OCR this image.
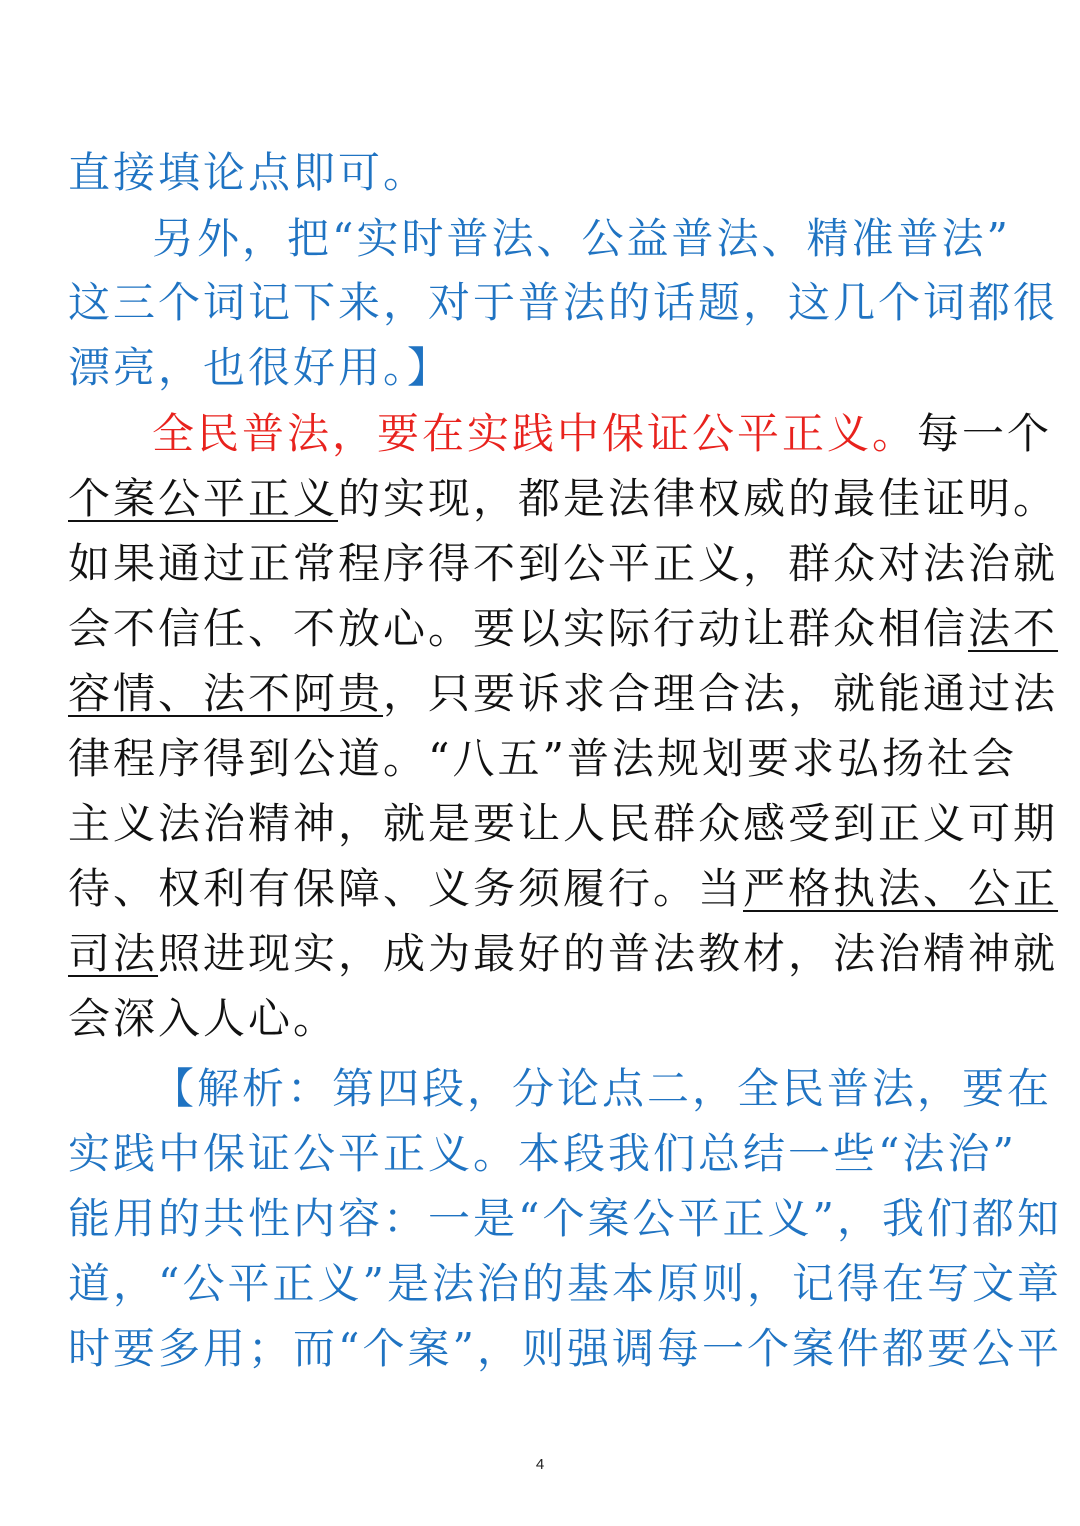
直接填论点即可。
另外，把“实时普法、公益普法、精准普法”
这三个词记下来，对于普法的话题，这几个词都很
漂亮，也很好用。】
全民普法，要在实践中保证公平正义。每一个
个案公平正义的实现，都是法律权威的最佳证明。
如果通过正常程序得不到公平正义，群众对法治就
会不信任、不放心。要以实际行动让群众相信法不
容情、法不阿贵，只要诉求合理合法，就能通过法
律程序得到公道。“八五”普法规划要求弘扬社会
主义法治精神，就是要让人民群众感受到正义可期
待、权利有保障、义务须履行。当严格执法、公正
司法照进现实，成为最好的普法教材，法治精神就
会深入人心。
【解析：第四段，分论点二，全民普法，要在
实践中保证公平正义。本段我们总结一些“法治”
能用的共性内容：一是“个案公平正义”，我们都知
道，“公平正义”是法治的基本原则，记得在写文章
时要多用；而“个案”，则强调每一个案件都要公平
4
